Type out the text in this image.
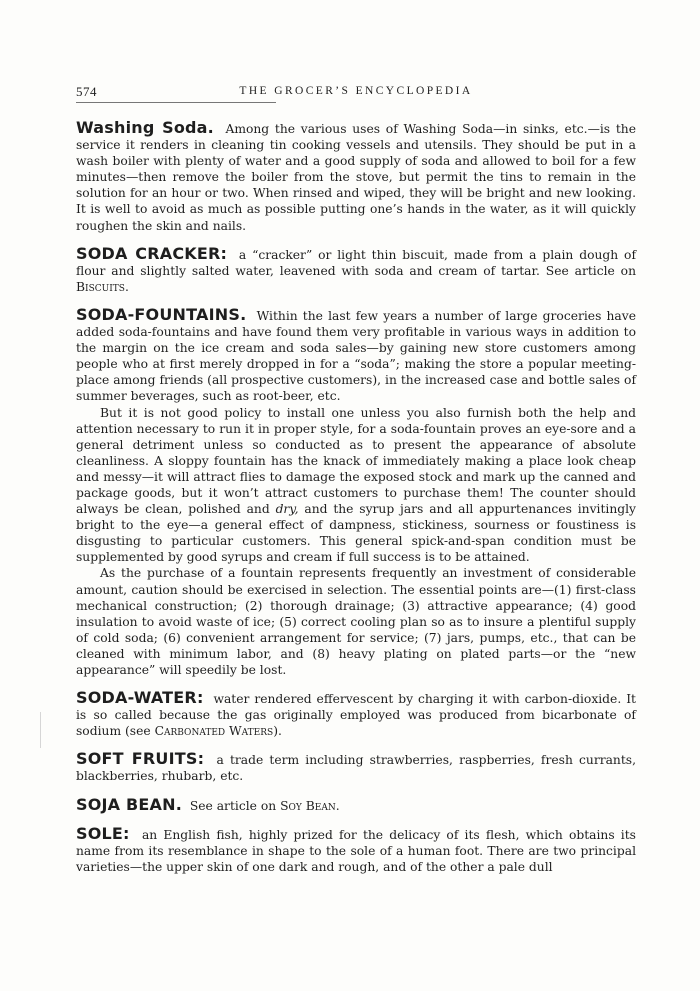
574	THE GROCER’S ENCYCLOPEDIA

Washing Soda. Among the various uses of Washing Soda—in sinks, etc.—is the service it renders in cleaning tin cooking vessels and utensils. They should be put in a wash boiler with plenty of water and a good supply of soda and allowed to boil for a few minutes—then remove the boiler from the stove, but permit the tins to remain in the solution for an hour or two. When rinsed and wiped, they will be bright and new looking. It is well to avoid as much as possible putting one’s hands in the water, as it will quickly roughen the skin and nails.

SODA CRACKER: a “cracker” or light thin biscuit, made from a plain dough of flour and slightly salted water, leavened with soda and cream of tartar. See article on Biscuits.

SODA-FOUNTAINS. Within the last few years a number of large groceries have added soda-fountains and have found them very profitable in various ways in addition to the margin on the ice cream and soda sales—by gaining new store customers among people who at first merely dropped in for a “soda”; making the store a popular meeting-place among friends (all prospective customers), in the increased case and bottle sales of summer beverages, such as root-beer, etc.

But it is not good policy to install one unless you also furnish both the help and attention necessary to run it in proper style, for a soda-fountain proves an eye-sore and a general detriment unless so conducted as to present the appearance of absolute cleanliness. A sloppy fountain has the knack of immediately making a place look cheap and messy—it will attract flies to damage the exposed stock and mark up the canned and package goods, but it won’t attract customers to purchase them! The counter should always be clean, polished and dry, and the syrup jars and all appurtenances invitingly bright to the eye—a general effect of dampness, stickiness, sourness or foustiness is disgusting to particular customers. This general spick-and-span condition must be supplemented by good syrups and cream if full success is to be attained.

As the purchase of a fountain represents frequently an investment of considerable amount, caution should be exercised in selection. The essential points are—(1) first-class mechanical construction; (2) thorough drainage; (3) attractive appearance; (4) good insulation to avoid waste of ice; (5) correct cooling plan so as to insure a plentiful supply of cold soda; (6) convenient arrangement for service; (7) jars, pumps, etc., that can be cleaned with minimum labor, and (8) heavy plating on plated parts—or the “new appearance” will speedily be lost.

SODA-WATER: water rendered effervescent by charging it with carbon-dioxide. It is so called because the gas originally employed was produced from bicarbonate of sodium (see Carbonated Waters).

SOFT FRUITS: a trade term including strawberries, raspberries, fresh currants, blackberries, rhubarb, etc.

SOJA BEAN. See article on Soy Bean.

SOLE: an English fish, highly prized for the delicacy of its flesh, which obtains its name from its resemblance in shape to the sole of a human foot. There are two principal varieties—the upper skin of one dark and rough, and of the other a pale dull
